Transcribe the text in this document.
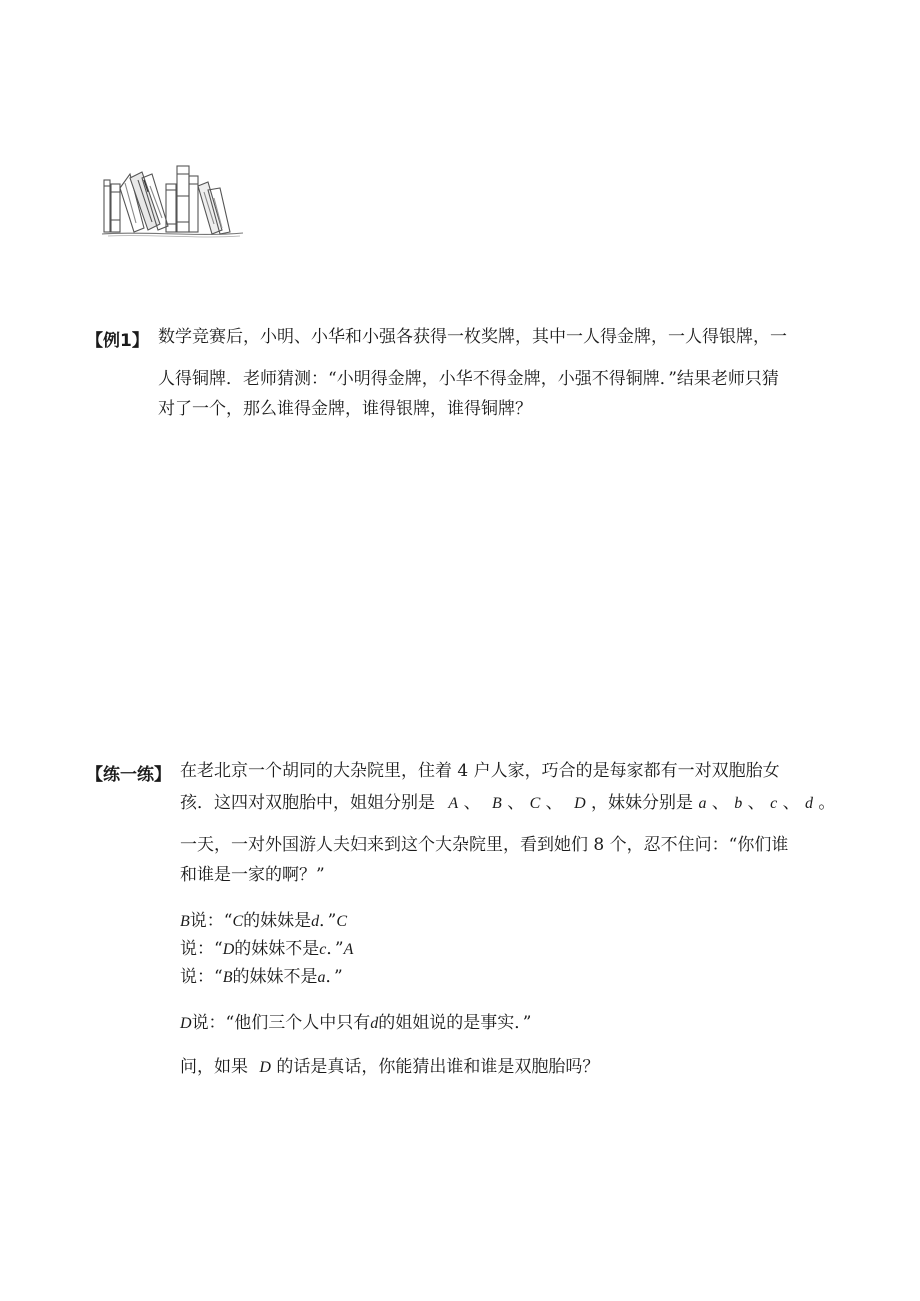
【例1】 数学竞赛后，小明、小华和小强各获得一枚奖牌，其中一人得金牌，一人得银牌，一
人得铜牌．老师猜测：“小明得金牌，小华不得金牌，小强不得铜牌．”结果老师只猜
对了一个，那么谁得金牌，谁得银牌，谁得铜牌？
【练一练】 在老北京一个胡同的大杂院里，住着 4 户人家，巧合的是每家都有一对双胞胎女
孩．这四对双胞胎中，姐姐分别是 A 、 B 、 C 、 D ，妹妹分别是 a 、 b 、 c 、 d 。
一天，一对外国游人夫妇来到这个大杂院里，看到她们 8 个，忍不住问：“你们谁
和谁是一家的啊？”
B说：“C的妹妹是d．”C
说：“D的妹妹不是c．”A
说：“B的妹妹不是a．”
D说：“他们三个人中只有d的姐姐说的是事实．”
问，如果 D 的话是真话，你能猜出谁和谁是双胞胎吗？
